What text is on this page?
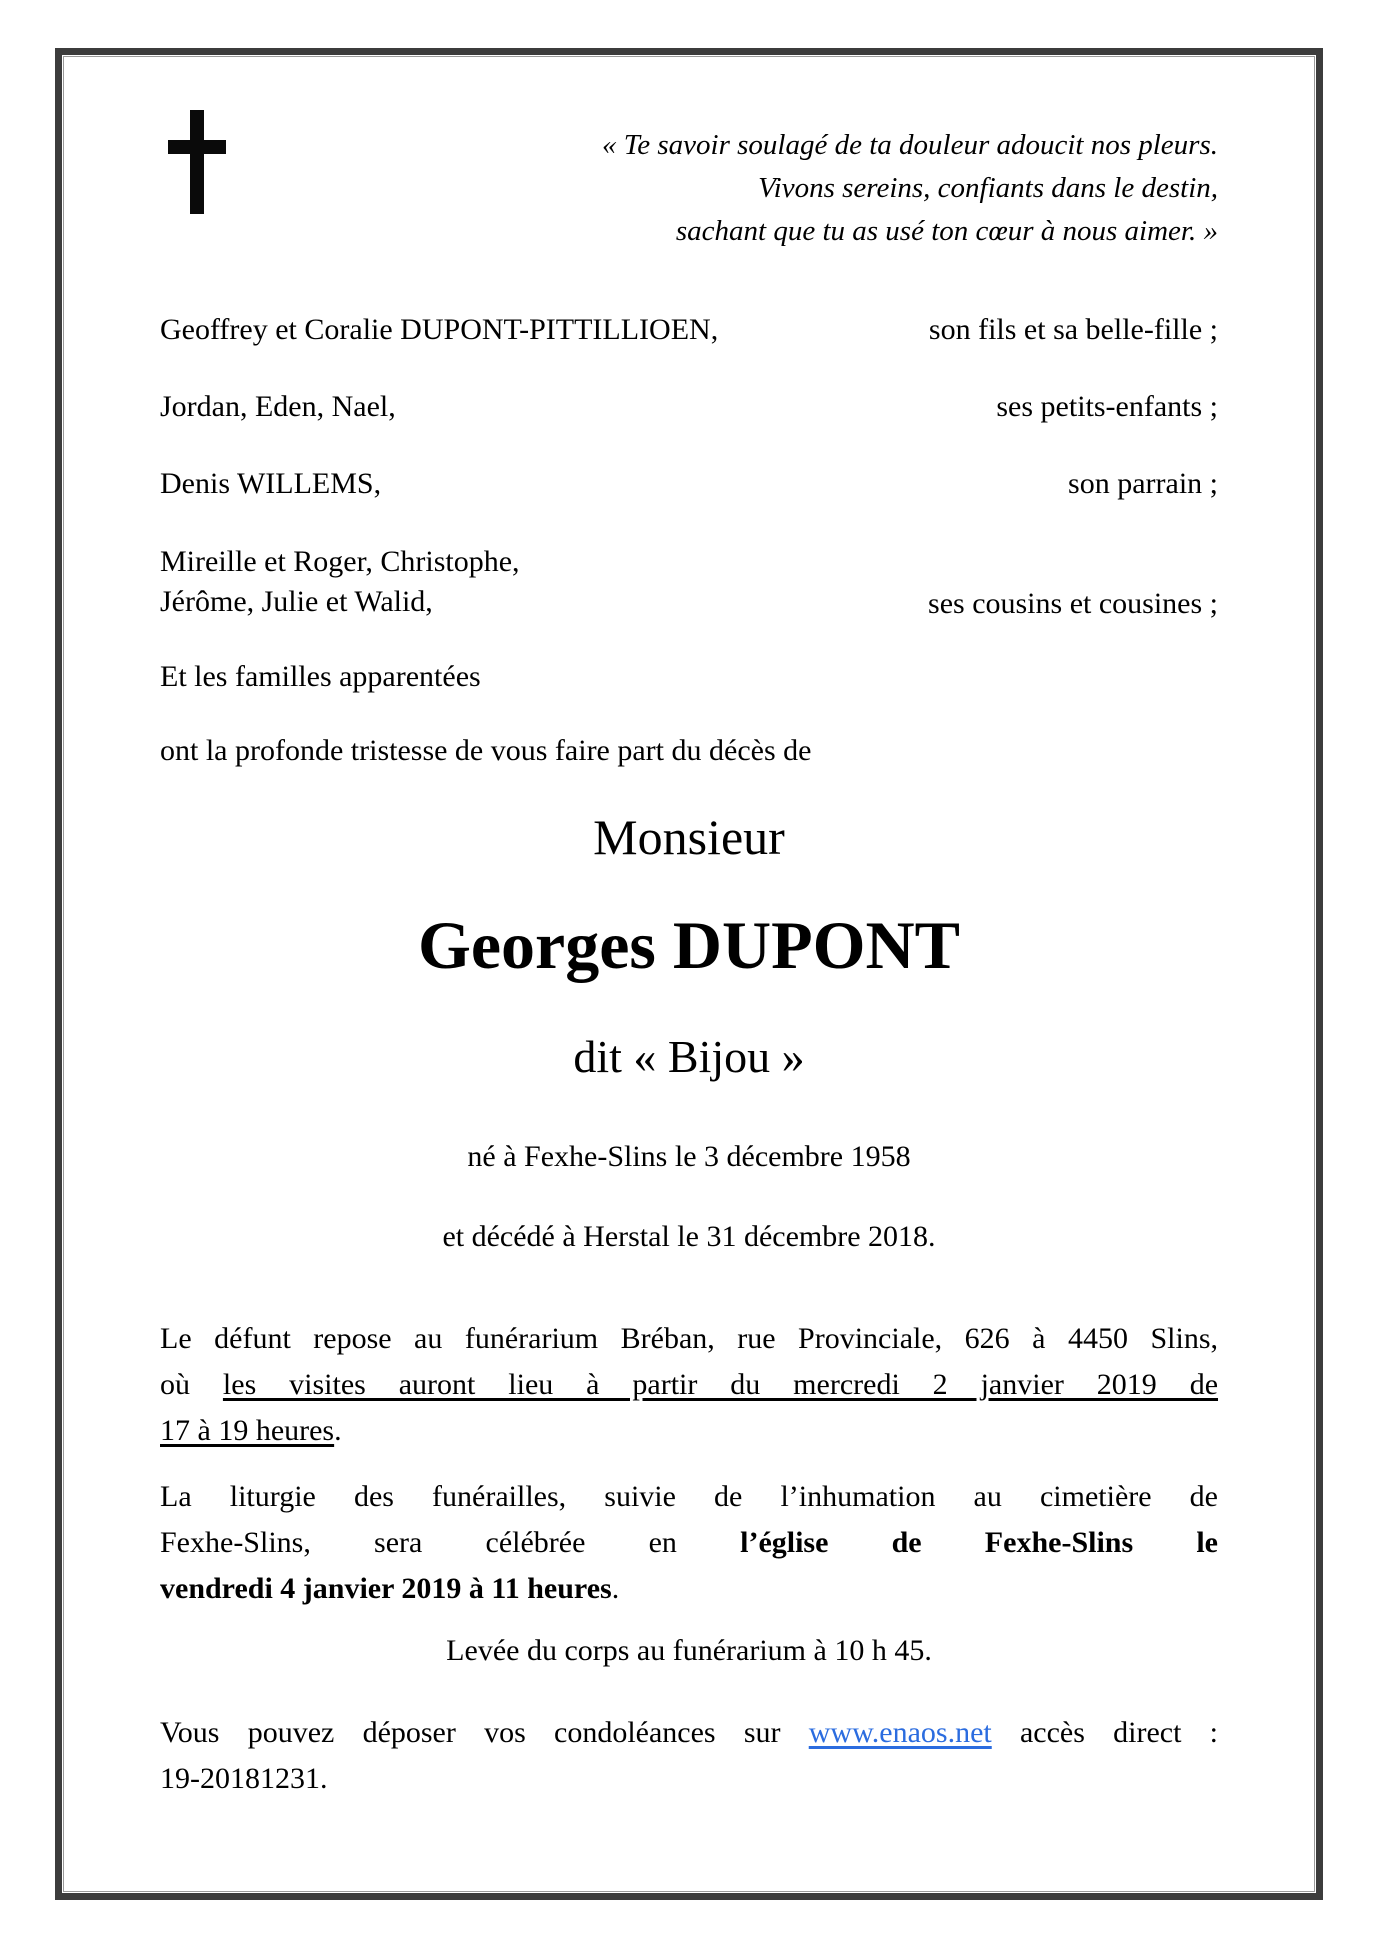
« Te savoir soulagé de ta douleur adoucit nos pleurs.
Vivons sereins, confiants dans le destin,
sachant que tu as usé ton cœur à nous aimer. »
Geoffrey et Coralie DUPONT-PITTILLIOEN,	son fils et sa belle-fille ;
Jordan, Eden, Nael,	ses petits-enfants ;
Denis WILLEMS,	son parrain ;
Mireille et Roger, Christophe,
Jérôme, Julie et Walid,	ses cousins et cousines ;
Et les familles apparentées
ont la profonde tristesse de vous faire part du décès de
Monsieur
Georges DUPONT
dit « Bijou »
né à Fexhe-Slins le 3 décembre 1958
et décédé à Herstal le 31 décembre 2018.
Le défunt repose au funérarium Bréban, rue Provinciale, 626 à 4450 Slins,
où les visites auront lieu à partir du mercredi 2 janvier 2019 de
17 à 19 heures.
La liturgie des funérailles, suivie de l’inhumation au cimetière de
Fexhe-Slins, sera célébrée en l’église de Fexhe-Slins le
vendredi 4 janvier 2019 à 11 heures.
Levée du corps au funérarium à 10 h 45.
Vous pouvez déposer vos condoléances sur www.enaos.net accès direct :
19-20181231.
